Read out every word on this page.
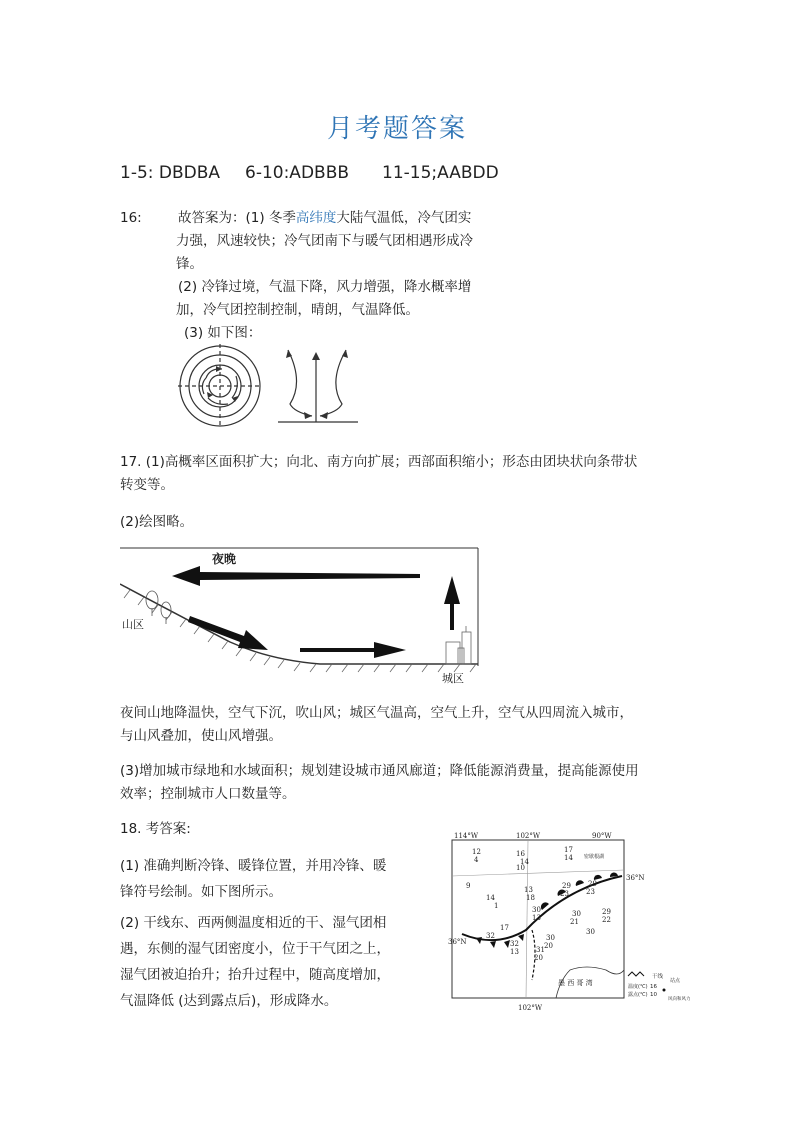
月考题答案
1-5: DBDBA 6-10:ADBBB 11-15;AABDD
16:	故答案为：(1) 冬季高纬度大陆气温低，冷气团实
力强，风速较快；冷气团南下与暖气团相遇形成冷
锋。
(2) 冷锋过境，气温下降，风力增强，降水概率增
加，冷气团控制控制，晴朗，气温降低。
(3) 如下图：
17. (1)高概率区面积扩大；向北、南方向扩展；西部面积缩小；形态由团块状向条带状
转变等。
(2)绘图略。
夜晚
山区
城区
夜间山地降温快，空气下沉，吹山风；城区气温高，空气上升，空气从四周流入城市，
与山风叠加，使山风增强。
(3)增加城市绿地和水域面积；规划建设城市通风廊道；降低能源消费量，提高能源使用
效率；控制城市人口数量等。
18. 考答案:
(1) 准确判断冷锋、暖锋位置，并用冷锋、暖
锋符号绘制。如下图所示。
(2) 干线东、西两侧温度相近的干、湿气团相
遇，东侧的湿气团密度小，位于干气团之上，
湿气团被迫抬升；抬升过程中，随高度增加，
气温降低 (达到露点后)，形成降水。
114°W	102°W	90°W
36°N
36°N
102°W
墨 西 哥 湾
密歇根湖
12
4
16
14
10
17
14
9
14
1
13
18
29
23
29
23
30
13	30
21
29
22
32
17
32
13 31
20
30
20
30
干线
温度(℃)
露点(℃)
16
10
站点
风向和风力
